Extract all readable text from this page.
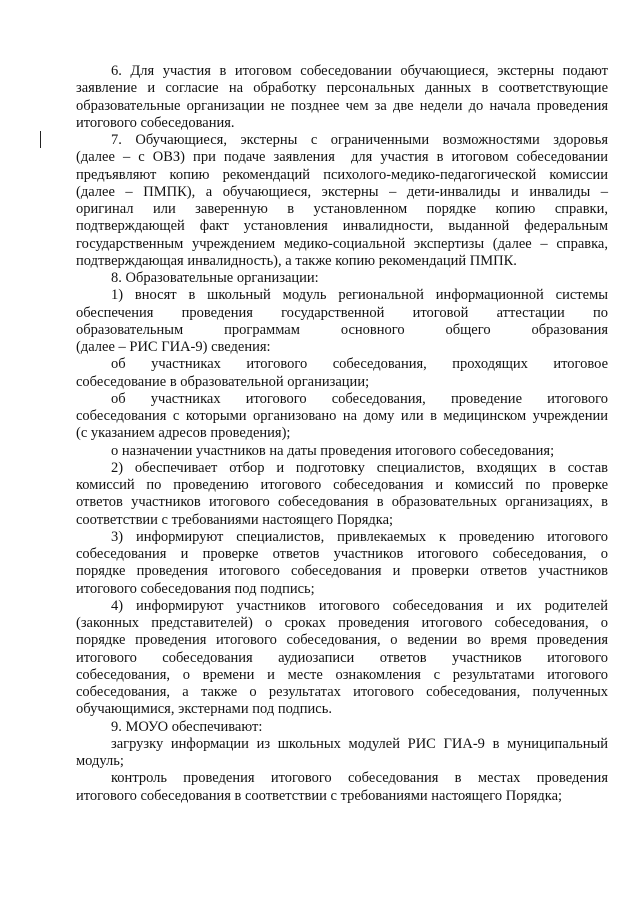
6. Для участия в итоговом собеседовании обучающиеся, экстерны подают
заявление и согласие на обработку персональных данных в соответствующие
образовательные организации не позднее чем за две недели до начала проведения
итогового собеседования.
7. Обучающиеся, экстерны с ограниченными возможностями здоровья
(далее – с ОВЗ) при подаче заявления  для участия в итоговом собеседовании
предъявляют копию рекомендаций психолого-медико-педагогической комиссии
(далее – ПМПК), а обучающиеся, экстерны – дети-инвалиды и инвалиды –
оригинал или заверенную в установленном порядке копию справки,
подтверждающей факт установления инвалидности, выданной федеральным
государственным учреждением медико-социальной экспертизы (далее – справка,
подтверждающая инвалидность), а также копию рекомендаций ПМПК.
8. Образовательные организации:
1) вносят в школьный модуль региональной информационной системы
обеспечения проведения государственной итоговой аттестации по
образовательным программам основного общего образования
(далее – РИС ГИА-9) сведения:
об участниках итогового собеседования, проходящих итоговое
собеседование в образовательной организации;
об участниках итогового собеседования, проведение итогового
собеседования с которыми организовано на дому или в медицинском учреждении
(с указанием адресов проведения);
о назначении участников на даты проведения итогового собеседования;
2) обеспечивает отбор и подготовку специалистов, входящих в состав
комиссий по проведению итогового собеседования и комиссий по проверке
ответов участников итогового собеседования в образовательных организациях, в
соответствии с требованиями настоящего Порядка;
3) информируют специалистов, привлекаемых к проведению итогового
собеседования и проверке ответов участников итогового собеседования, о
порядке проведения итогового собеседования и проверки ответов участников
итогового собеседования под подпись;
4) информируют участников итогового собеседования и их родителей
(законных представителей) о сроках проведения итогового собеседования, о
порядке проведения итогового собеседования, о ведении во время проведения
итогового собеседования аудиозаписи ответов участников итогового
собеседования, о времени и месте ознакомления с результатами итогового
собеседования, а также о результатах итогового собеседования, полученных
обучающимися, экстернами под подпись.
9. МОУО обеспечивают:
загрузку информации из школьных модулей РИС ГИА-9 в муниципальный
модуль;
контроль проведения итогового собеседования в местах проведения
итогового собеседования в соответствии с требованиями настоящего Порядка;
